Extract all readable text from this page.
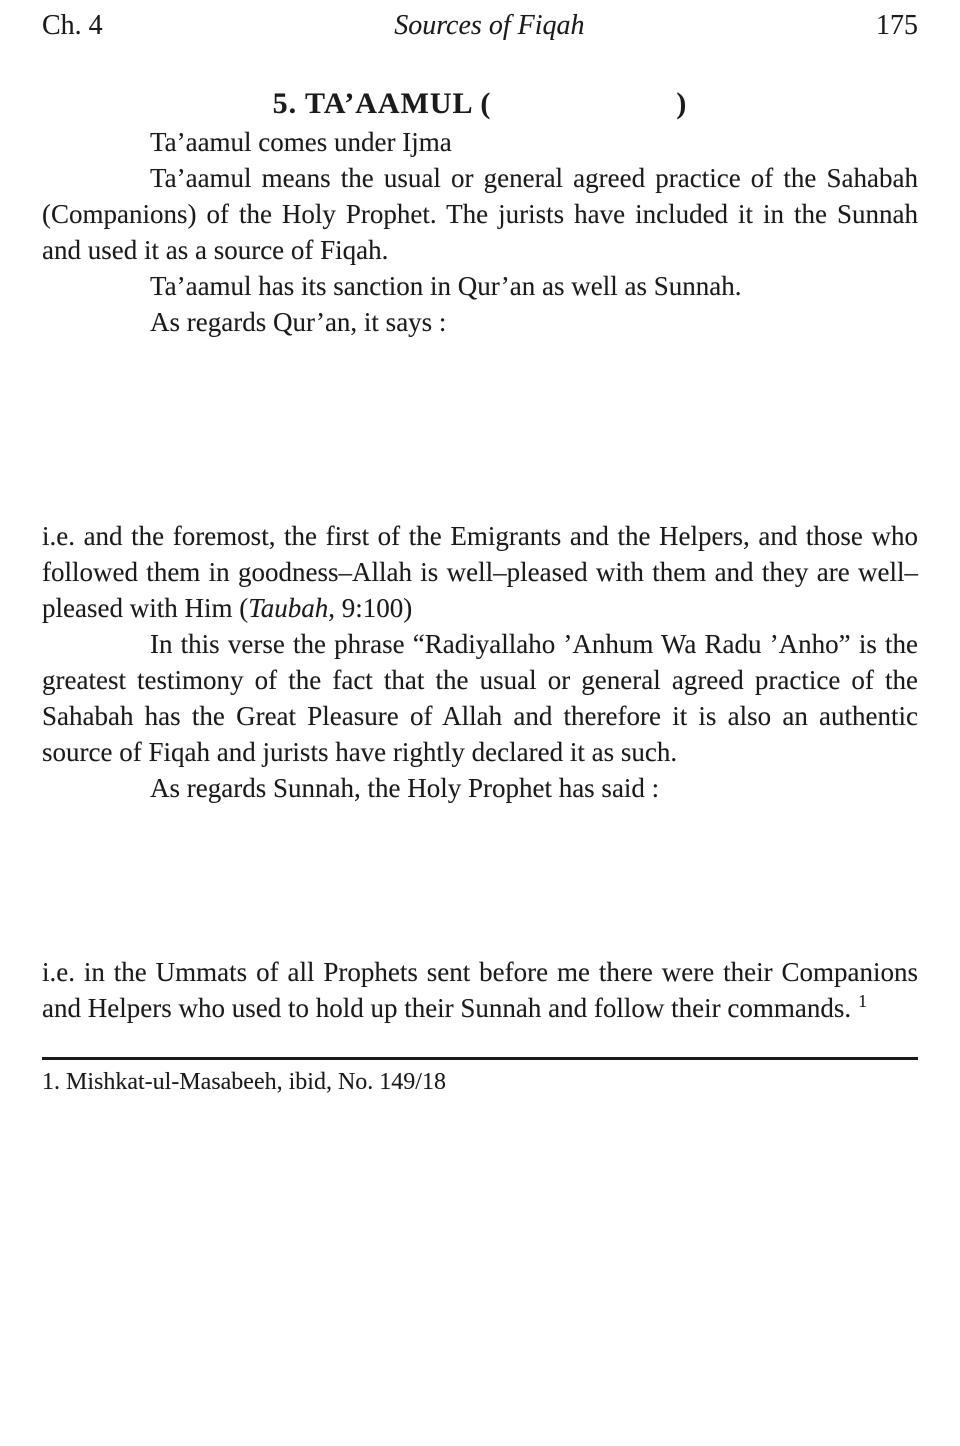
Ch. 4	Sources of Fiqah	175
5. TA’AAMUL (	)

Ta’aamul comes under Ijma

Ta’aamul means the usual or general agreed practice of the Sahabah (Companions) of the Holy Prophet. The jurists have included it in the Sunnah and used it as a source of Fiqah.

Ta’aamul has its sanction in Qur’an as well as Sunnah.

As regards Qur’an, it says :

i.e. and the foremost, the first of the Emigrants and the Helpers, and those who followed them in goodness–Allah is well–pleased with them and they are well–pleased with Him (Taubah, 9:100)

In this verse the phrase “Radiyallaho ’Anhum Wa Radu ’Anho” is the greatest testimony of the fact that the usual or general agreed practice of the Sahabah has the Great Pleasure of Allah and therefore it is also an authentic source of Fiqah and jurists have rightly declared it as such.

As regards Sunnah, the Holy Prophet has said :

i.e. in the Ummats of all Prophets sent before me there were their Companions and Helpers who used to hold up their Sunnah and follow their commands. $^1$

1. Mishkat-ul-Masabeeh, ibid, No. 149/18
